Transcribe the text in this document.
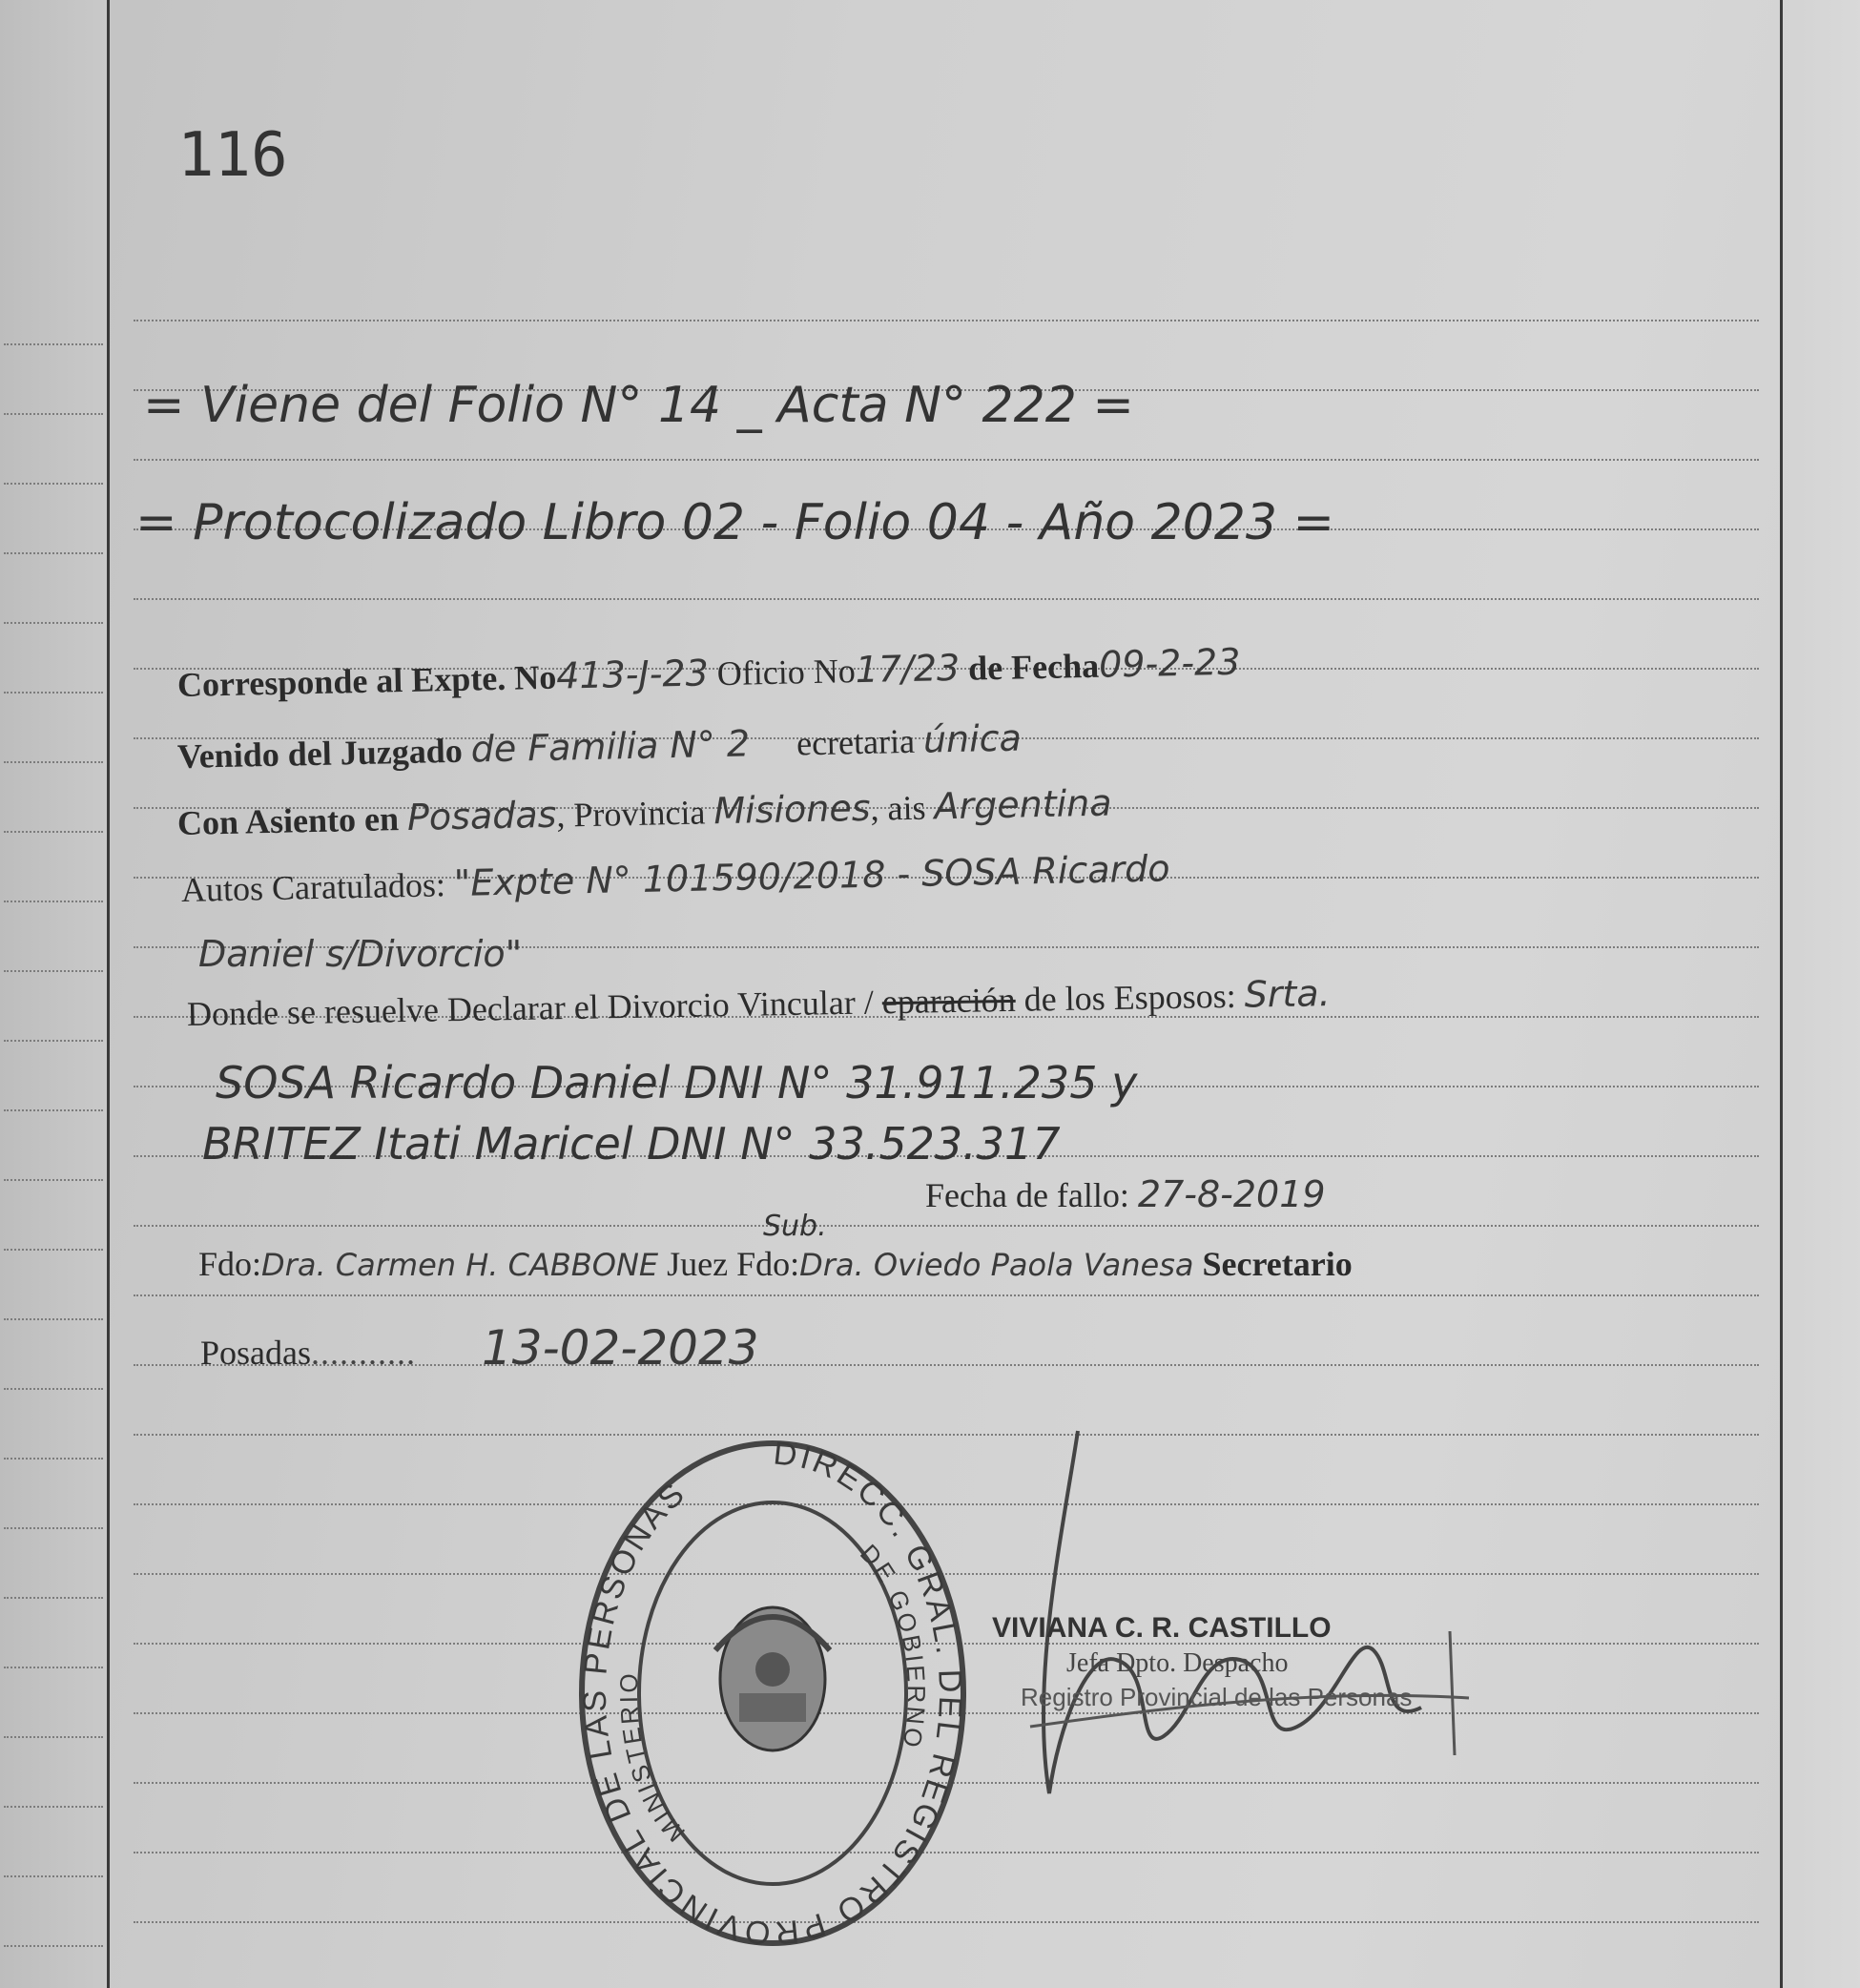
116
= Viene del Folio N° 14 _ Acta N° 222 =
= Protocolizado Libro 02 - Folio 04 - Año 2023 =
Corresponde al Expte. No413-J-23 Oficio No17/23 de Fecha09-2-23
Venido del Juzgado de Familia N° 2 ecretaria única
Con Asiento en Posadas, Provincia Misiones, ais Argentina
Autos Caratulados: "Expte N° 101590/2018 - SOSA Ricardo
Daniel s/Divorcio"
Donde se resuelve Declarar el Divorcio Vincular / eparación de los Esposos: Srta.
SOSA Ricardo Daniel DNI N° 31.911.235 y
BRITEZ Itati Maricel DNI N° 33.523.317
Fecha de fallo: 27-8-2019
Sub.
Fdo:Dra. Carmen H. CABBONE Juez Fdo:Dra. Oviedo Paola Vanesa Secretario
Posadas........... 13-02-2023
DIRECC. GRAL. DEL REGISTRO PROVINCIAL DE LAS PERSONAS
MINISTERIO
DE GOBIERNO
VIVIANA C. R. CASTILLO
Jefa Dpto. Despacho
Registro Provincial de las Personas
